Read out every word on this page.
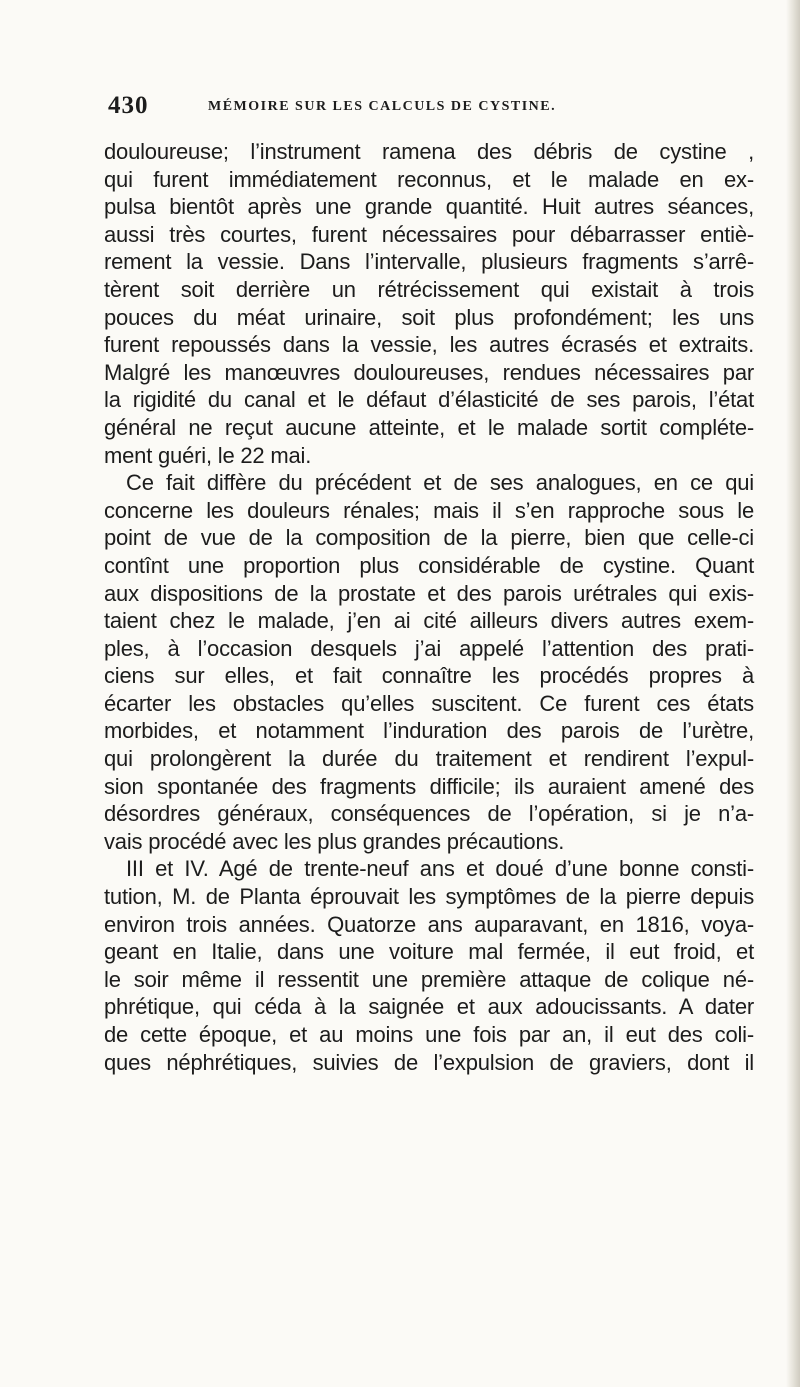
430	MÉMOIRE SUR LES CALCULS DE CYSTINE.
douloureuse; l’instrument ramena des débris de cystine ,
qui furent immédiatement reconnus, et le malade en ex-
pulsa bientôt après une grande quantité. Huit autres séances,
aussi très courtes, furent nécessaires pour débarrasser entiè-
rement la vessie. Dans l’intervalle, plusieurs fragments s’arrê-
tèrent soit derrière un rétrécissement qui existait à trois
pouces du méat urinaire, soit plus profondément; les uns
furent repoussés dans la vessie, les autres écrasés et extraits.
Malgré les manœuvres douloureuses, rendues nécessaires par
la rigidité du canal et le défaut d’élasticité de ses parois, l’état
général ne reçut aucune atteinte, et le malade sortit compléte-
ment guéri, le 22 mai.
Ce fait diffère du précédent et de ses analogues, en ce qui
concerne les douleurs rénales; mais il s’en rapproche sous le
point de vue de la composition de la pierre, bien que celle-ci
contînt une proportion plus considérable de cystine. Quant
aux dispositions de la prostate et des parois urétrales qui exis-
taient chez le malade, j’en ai cité ailleurs divers autres exem-
ples, à l’occasion desquels j’ai appelé l’attention des prati-
ciens sur elles, et fait connaître les procédés propres à
écarter les obstacles qu’elles suscitent. Ce furent ces états
morbides, et notamment l’induration des parois de l’urètre,
qui prolongèrent la durée du traitement et rendirent l’expul-
sion spontanée des fragments difficile; ils auraient amené des
désordres généraux, conséquences de l’opération, si je n’a-
vais procédé avec les plus grandes précautions.
III et IV. Agé de trente-neuf ans et doué d’une bonne consti-
tution, M. de Planta éprouvait les symptômes de la pierre depuis
environ trois années. Quatorze ans auparavant, en 1816, voya-
geant en Italie, dans une voiture mal fermée, il eut froid, et
le soir même il ressentit une première attaque de colique né-
phrétique, qui céda à la saignée et aux adoucissants. A dater
de cette époque, et au moins une fois par an, il eut des coli-
ques néphrétiques, suivies de l’expulsion de graviers, dont il
